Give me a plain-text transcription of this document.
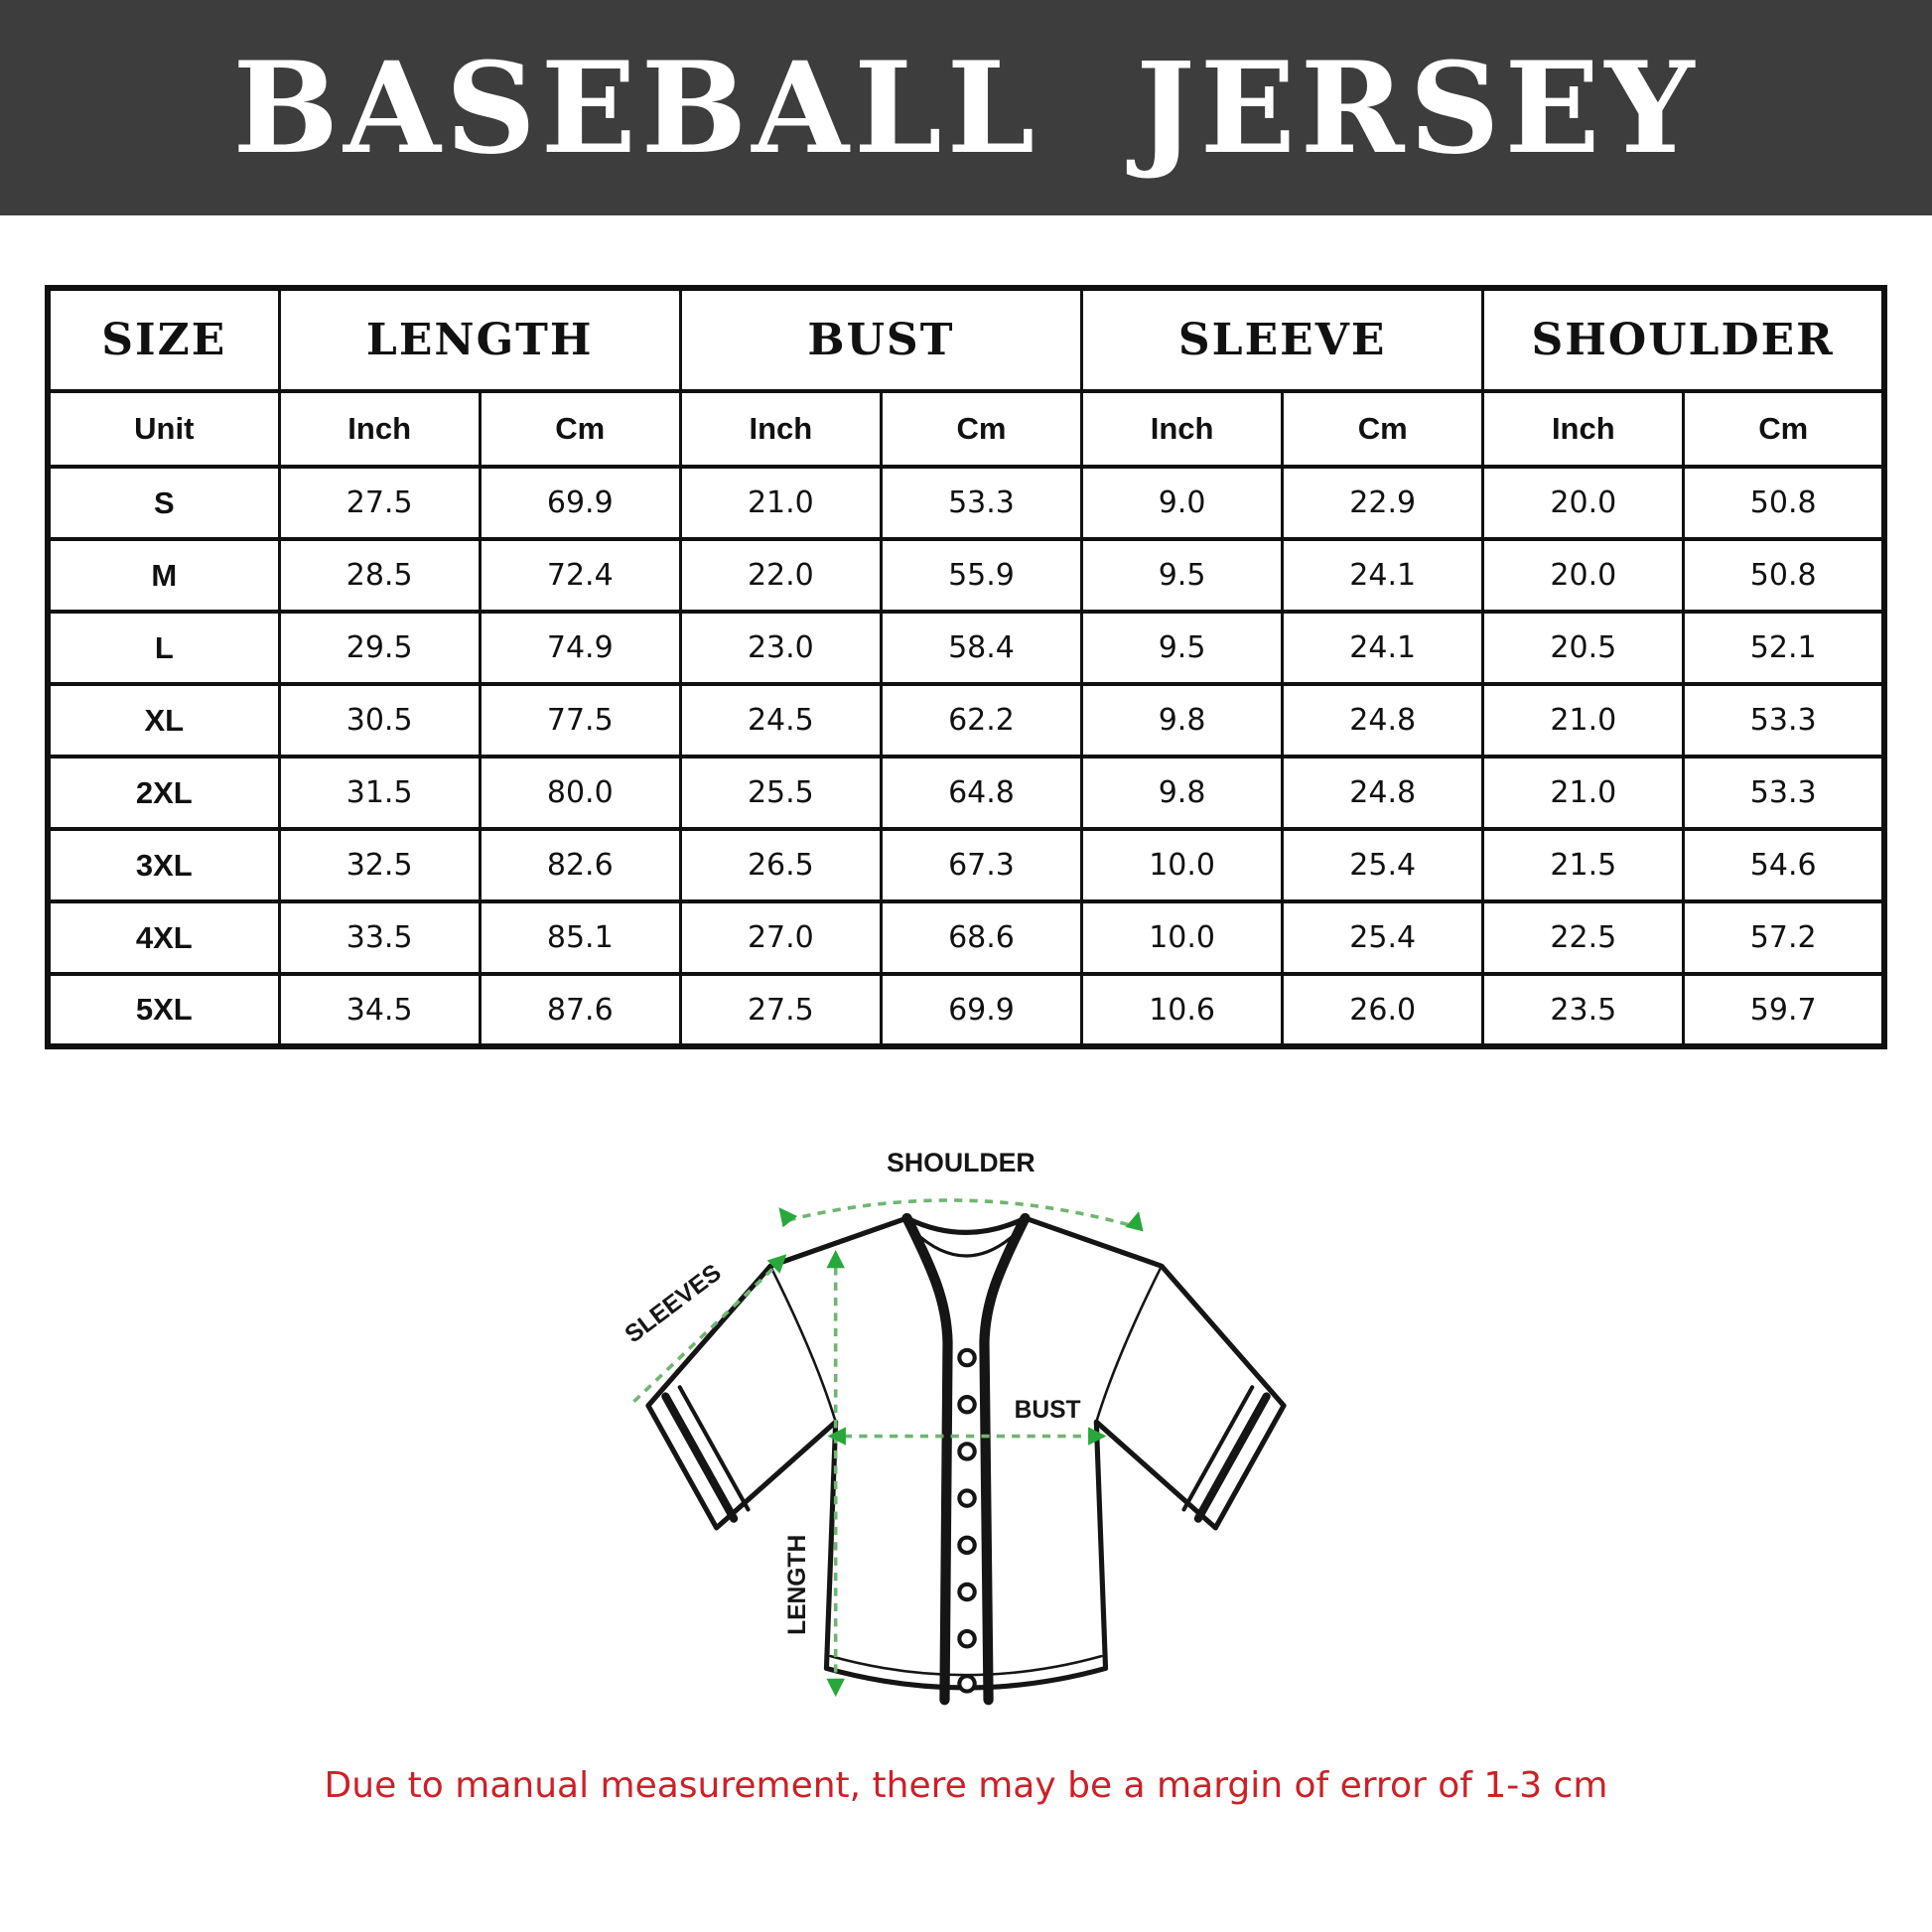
BASEBALL JERSEY
SIZE	LENGTH		BUST		SLEEVE		SHOULDER	
Unit	Inch	Cm	Inch	Cm	Inch	Cm	Inch	Cm
S	27.5	69.9	21.0	53.3	9.0	22.9	20.0	50.8
M	28.5	72.4	22.0	55.9	9.5	24.1	20.0	50.8
L	29.5	74.9	23.0	58.4	9.5	24.1	20.5	52.1
XL	30.5	77.5	24.5	62.2	9.8	24.8	21.0	53.3
2XL	31.5	80.0	25.5	64.8	9.8	24.8	21.0	53.3
3XL	32.5	82.6	26.5	67.3	10.0	25.4	21.5	54.6
4XL	33.5	85.1	27.0	68.6	10.0	25.4	22.5	57.2
5XL	34.5	87.6	27.5	69.9	10.6	26.0	23.5	59.7
SHOULDER
SLEEVES
BUST
LENGTH

Due to manual measurement, there may be a margin of error of 1-3 cm
